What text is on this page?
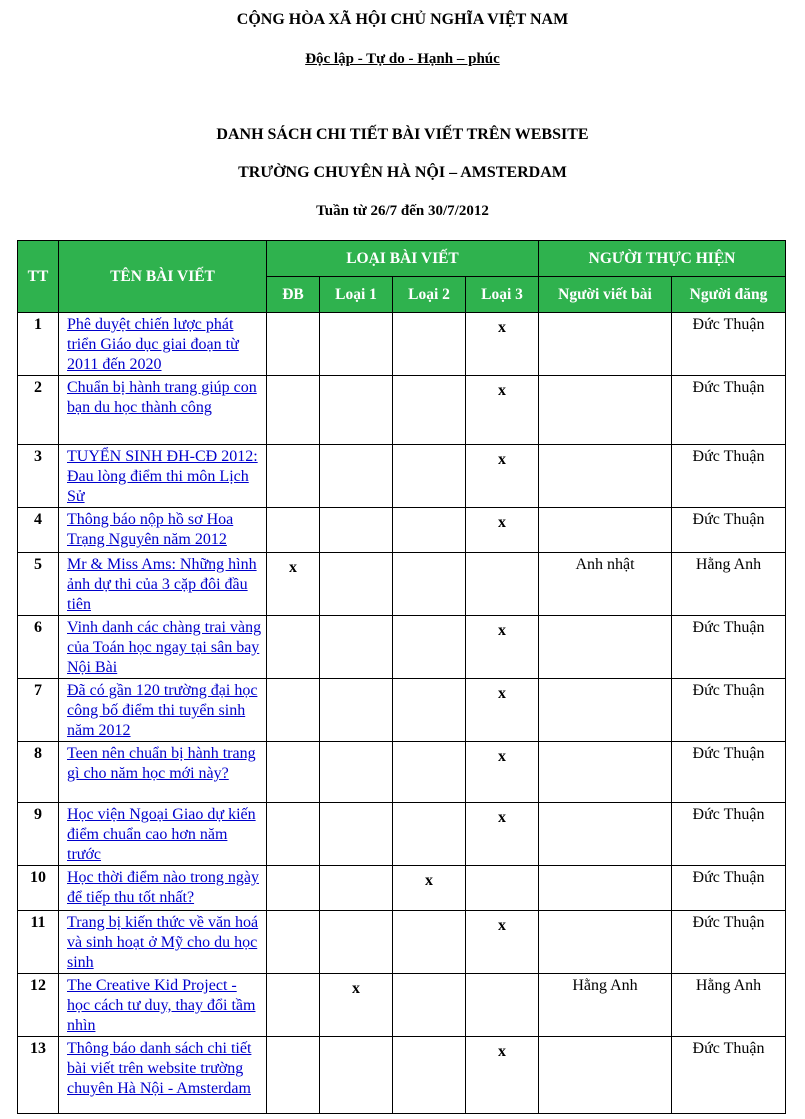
CỘNG HÒA XÃ HỘI CHỦ NGHĨA VIỆT NAM
Độc lập - Tự do - Hạnh – phúc
DANH SÁCH CHI TIẾT BÀI VIẾT TRÊN WEBSITE
TRƯỜNG CHUYÊN HÀ NỘI – AMSTERDAM
Tuần từ 26/7 đến 30/7/2012
TT	TÊN BÀI VIẾT	LOẠI BÀI VIẾT				NGƯỜI THỰC HIỆN	
		ĐB	Loại 1	Loại 2	Loại 3	Người viết bài	Người đăng
1	Phê duyệt chiến lược phát triển Giáo dục giai đoạn từ 2011 đến 2020				x		Đức Thuận
2	Chuẩn bị hành trang giúp con bạn du học thành công				x		Đức Thuận
3	TUYỂN SINH ĐH-CĐ 2012: Đau lòng điểm thi môn Lịch Sử				x		Đức Thuận
4	Thông báo nộp hồ sơ Hoa Trạng Nguyên năm 2012				x		Đức Thuận
5	Mr & Miss Ams: Những hình ảnh dự thi của 3 cặp đôi đầu tiên	x				Anh nhật	Hằng Anh
6	Vinh danh các chàng trai vàng của Toán học ngay tại sân bay Nội Bài				x		Đức Thuận
7	Đã có gần 120 trường đại học công bố điểm thi tuyển sinh năm 2012				x		Đức Thuận
8	Teen nên chuẩn bị hành trang gì cho năm học mới này?				x		Đức Thuận
9	Học viện Ngoại Giao dự kiến điểm chuẩn cao hơn năm trước				x		Đức Thuận
10	Học thời điểm nào trong ngày để tiếp thu tốt nhất?			x			Đức Thuận
11	Trang bị kiến thức về văn hoá và sinh hoạt ở Mỹ cho du học sinh				x		Đức Thuận
12	The Creative Kid Project - học cách tư duy, thay đổi tầm nhìn		x			Hằng Anh	Hằng Anh
13	Thông báo danh sách chi tiết bài viết trên website trường chuyên Hà Nội - Amsterdam				x		Đức Thuận
